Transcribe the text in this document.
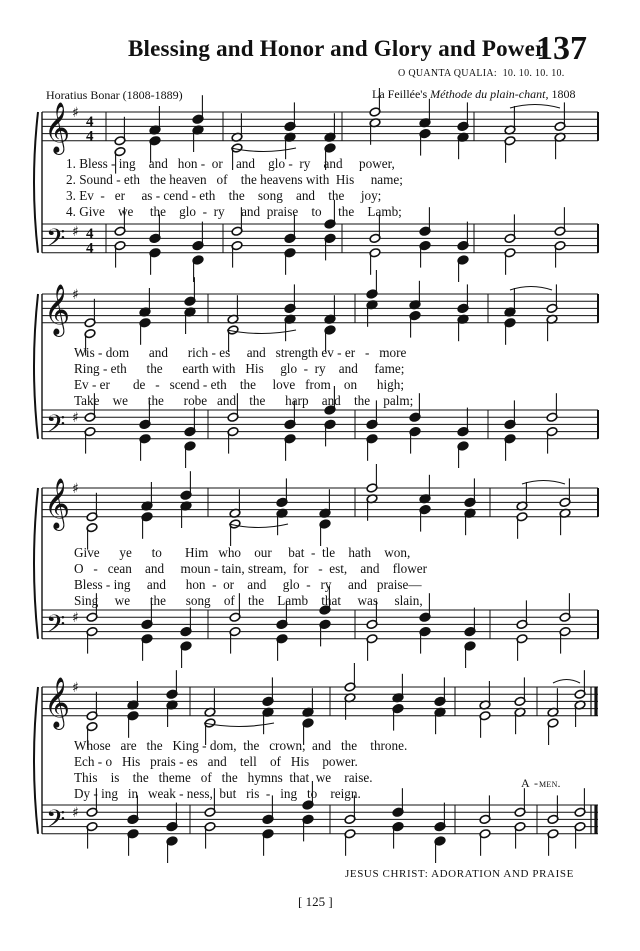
Blessing and Honor and Glory and Power
137
O QUANTA QUALIA: 10. 10. 10. 10.
Horatius Bonar (1808-1889)	La Feillée's Méthode du plain-chant, 1808
𝄞
𝄢
♯
♯
4
4
4
4
𝄞
𝄢
♯
♯
𝄞
𝄢
♯
♯
𝄞
𝄢
♯
♯
1. Bless - ing    and   hon -  or    and    glo -  ry    and     power,
2. Sound - eth   the heaven   of    the heavens with  His     name;
3. Ev  -   er     as - cend - eth    the    song    and    the     joy;
4. Give    we     the    glo  -  ry     and  praise    to     the    Lamb;
Wis - dom      and      rich - es     and   strength ev - er   -   more
Ring - eth      the      earth with   His     glo  -  ry    and     fame;
Ev - er       de   -   scend - eth    the     love   from    on      high;
Take    we      the      robe   and    the      harp    and    the    palm;
Give      ye      to       Him   who    our     bat  -  tle    hath    won,
O   -   cean    and     moun - tain, stream,  for   -  est,    and    flower
Bless - ing     and      hon  -  or    and     glo  -   ry     and   praise—
Sing     we      the      song    of    the    Lamb    that     was     slain,
Whose   are   the   King - dom,  the   crown,  and   the    throne.
Ech - o   His   prais - es   and    tell    of   His    power.
This    is    the   theme   of   the   hymns  that  we    raise.
Dy - ing   in   weak - ness,  but   ris  -   ing   to    reign.
A -men.
JESUS CHRIST: ADORATION AND PRAISE
[ 125 ]
